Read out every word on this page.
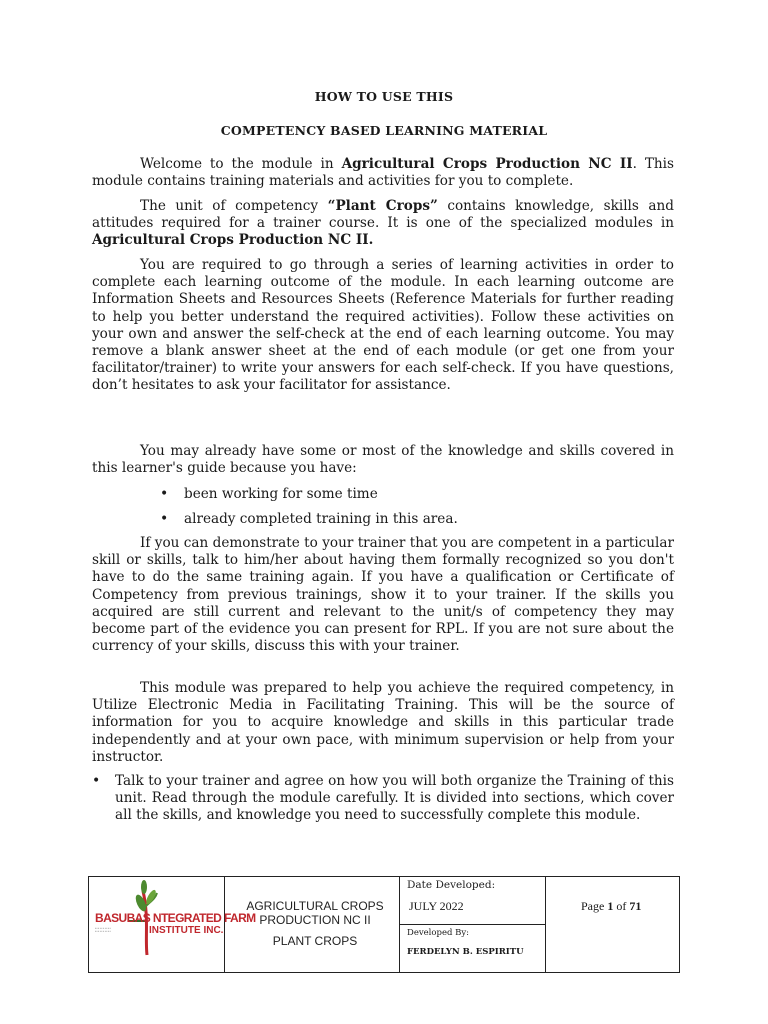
HOW TO USE THIS
COMPETENCY BASED LEARNING MATERIAL

Welcome to the module in Agricultural Crops Production NC II. This module contains training materials and activities for you to complete.

The unit of competency “Plant Crops” contains knowledge, skills and attitudes required for a trainer course. It is one of the specialized modules in Agricultural Crops Production NC II.

You are required to go through a series of learning activities in order to complete each learning outcome of the module. In each learning outcome are Information Sheets and Resources Sheets (Reference Materials for further reading to help you better understand the required activities). Follow these activities on your own and answer the self-check at the end of each learning outcome. You may remove a blank answer sheet at the end of each module (or get one from your facilitator/trainer) to write your answers for each self-check. If you have questions, don’t hesitates to ask your facilitator for assistance.

You may already have some or most of the knowledge and skills covered in this learner's guide because you have:

• been working for some time
• already completed training in this area.

If you can demonstrate to your trainer that you are competent in a particular skill or skills, talk to him/her about having them formally recognized so you don't have to do the same training again. If you have a qualification or Certificate of Competency from previous trainings, show it to your trainer. If the skills you acquired are still current and relevant to the unit/s of competency they may become part of the evidence you can present for RPL. If you are not sure about the currency of your skills, discuss this with your trainer.

This module was prepared to help you achieve the required competency, in Utilize Electronic Media in Facilitating Training. This will be the source of information for you to acquire knowledge and skills in this particular trade independently and at your own pace, with minimum supervision or help from your instructor.

• Talk to your trainer and agree on how you will both organize the Training of this unit. Read through the module carefully. It is divided into sections, which cover all the skills, and knowledge you need to successfully complete this module.
BASUBAS NTEGRATED FARM
▪ ▪ ▪ ▪ ▪ ▪ ▪ ▪ ▪ ▪
▪ ▪ ▪ ▪ ▪ ▪ ▪ ▪ ▪ ▪	INSTITUTE INC.
AGRICULTURAL CROPS
PRODUCTION NC II
PLANT CROPS
Date Developed:
JULY 2022
Developed By:
FERDELYN B. ESPIRITU
Page 1 of 71
